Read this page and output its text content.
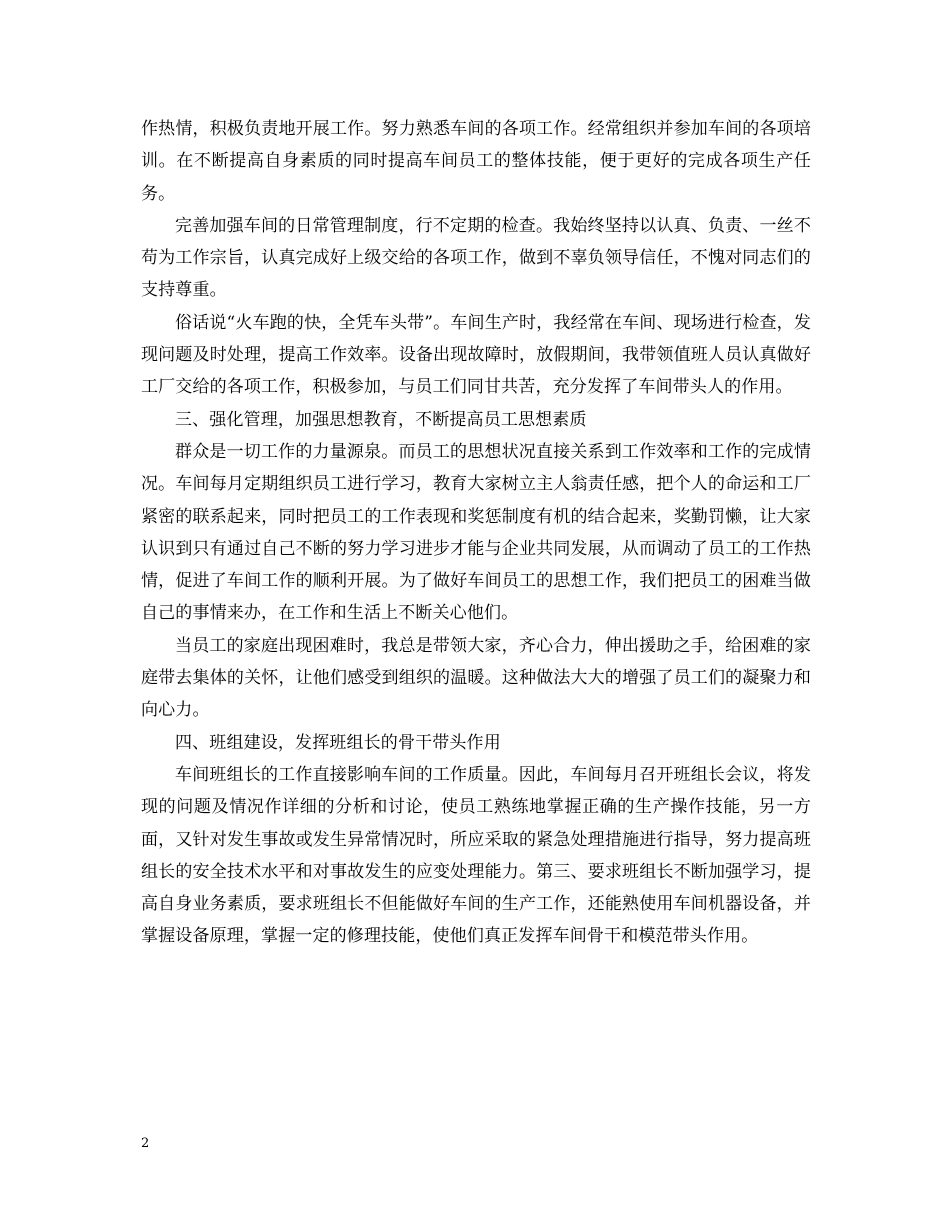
作热情，积极负责地开展工作。努力熟悉车间的各项工作。经常组织并参加车间的各项培训。在不断提高自身素质的同时提高车间员工的整体技能，便于更好的完成各项生产任务。

完善加强车间的日常管理制度，行不定期的检查。我始终坚持以认真、负责、一丝不苟为工作宗旨，认真完成好上级交给的各项工作，做到不辜负领导信任，不愧对同志们的支持尊重。

俗话说“火车跑的快，全凭车头带”。车间生产时，我经常在车间、现场进行检查，发现问题及时处理，提高工作效率。设备出现故障时，放假期间，我带领值班人员认真做好工厂交给的各项工作，积极参加，与员工们同甘共苦，充分发挥了车间带头人的作用。

三、强化管理，加强思想教育，不断提高员工思想素质

群众是一切工作的力量源泉。而员工的思想状况直接关系到工作效率和工作的完成情况。车间每月定期组织员工进行学习，教育大家树立主人翁责任感，把个人的命运和工厂紧密的联系起来，同时把员工的工作表现和奖惩制度有机的结合起来，奖勤罚懒，让大家认识到只有通过自己不断的努力学习进步才能与企业共同发展，从而调动了员工的工作热情，促进了车间工作的顺利开展。为了做好车间员工的思想工作，我们把员工的困难当做自己的事情来办，在工作和生活上不断关心他们。

当员工的家庭出现困难时，我总是带领大家，齐心合力，伸出援助之手，给困难的家庭带去集体的关怀，让他们感受到组织的温暖。这种做法大大的增强了员工们的凝聚力和向心力。

四、班组建设，发挥班组长的骨干带头作用

车间班组长的工作直接影响车间的工作质量。因此，车间每月召开班组长会议，将发现的问题及情况作详细的分析和讨论，使员工熟练地掌握正确的生产操作技能，另一方面，又针对发生事故或发生异常情况时，所应采取的紧急处理措施进行指导，努力提高班组长的安全技术水平和对事故发生的应变处理能力。第三、要求班组长不断加强学习，提高自身业务素质，要求班组长不但能做好车间的生产工作，还能熟使用车间机器设备，并掌握设备原理，掌握一定的修理技能，使他们真正发挥车间骨干和模范带头作用。

2
